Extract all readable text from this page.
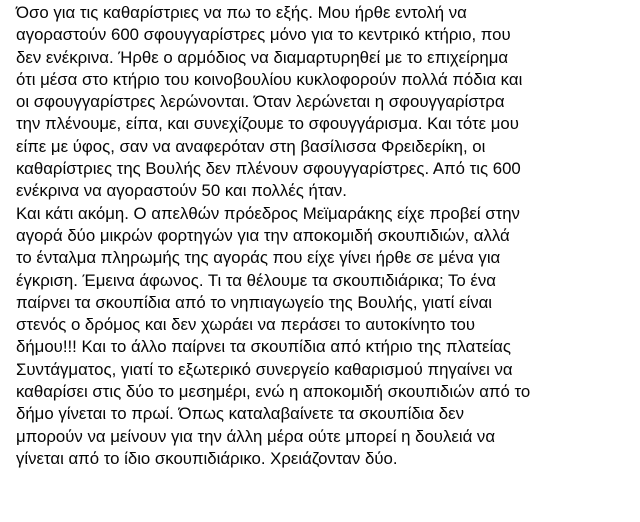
Όσο για τις καθαρίστριες να πω το εξής. Μου ήρθε εντολή να
αγοραστούν 600 σφουγγαρίστρες μόνο για το κεντρικό κτήριο, που
δεν ενέκρινα. Ήρθε ο αρμόδιος να διαμαρτυρηθεί με το επιχείρημα
ότι μέσα στο κτήριο του κοινοβουλίου κυκλοφορούν πολλά πόδια και
οι σφουγγαρίστρες λερώνονται. Όταν λερώνεται η σφουγγαρίστρα
την πλένουμε, είπα, και συνεχίζουμε το σφουγγάρισμα. Και τότε μου
είπε με ύφος, σαν να αναφερόταν στη βασίλισσα Φρειδερίκη, οι
καθαρίστριες της Βουλής δεν πλένουν σφουγγαρίστρες. Από τις 600
ενέκρινα να αγοραστούν 50 και πολλές ήταν.
Και κάτι ακόμη. Ο απελθών πρόεδρος Μεϊμαράκης είχε προβεί στην
αγορά δύο μικρών φορτηγών για την αποκομιδή σκουπιδιών, αλλά
το ένταλμα πληρωμής της αγοράς που είχε γίνει ήρθε σε μένα για
έγκριση. Έμεινα άφωνος. Τι τα θέλουμε τα σκουπιδιάρικα; Το ένα
παίρνει τα σκουπίδια από το νηπιαγωγείο της Βουλής, γιατί είναι
στενός ο δρόμος και δεν χωράει να περάσει το αυτοκίνητο του
δήμου!!! Και το άλλο παίρνει τα σκουπίδια από κτήριο της πλατείας
Συντάγματος, γιατί το εξωτερικό συνεργείο καθαρισμού πηγαίνει να
καθαρίσει στις δύο το μεσημέρι, ενώ η αποκομιδή σκουπιδιών από το
δήμο γίνεται το πρωί. Όπως καταλαβαίνετε τα σκουπίδια δεν
μπορούν να μείνουν για την άλλη μέρα ούτε μπορεί η δουλειά να
γίνεται από το ίδιο σκουπιδιάρικο. Χρειάζονταν δύο.
